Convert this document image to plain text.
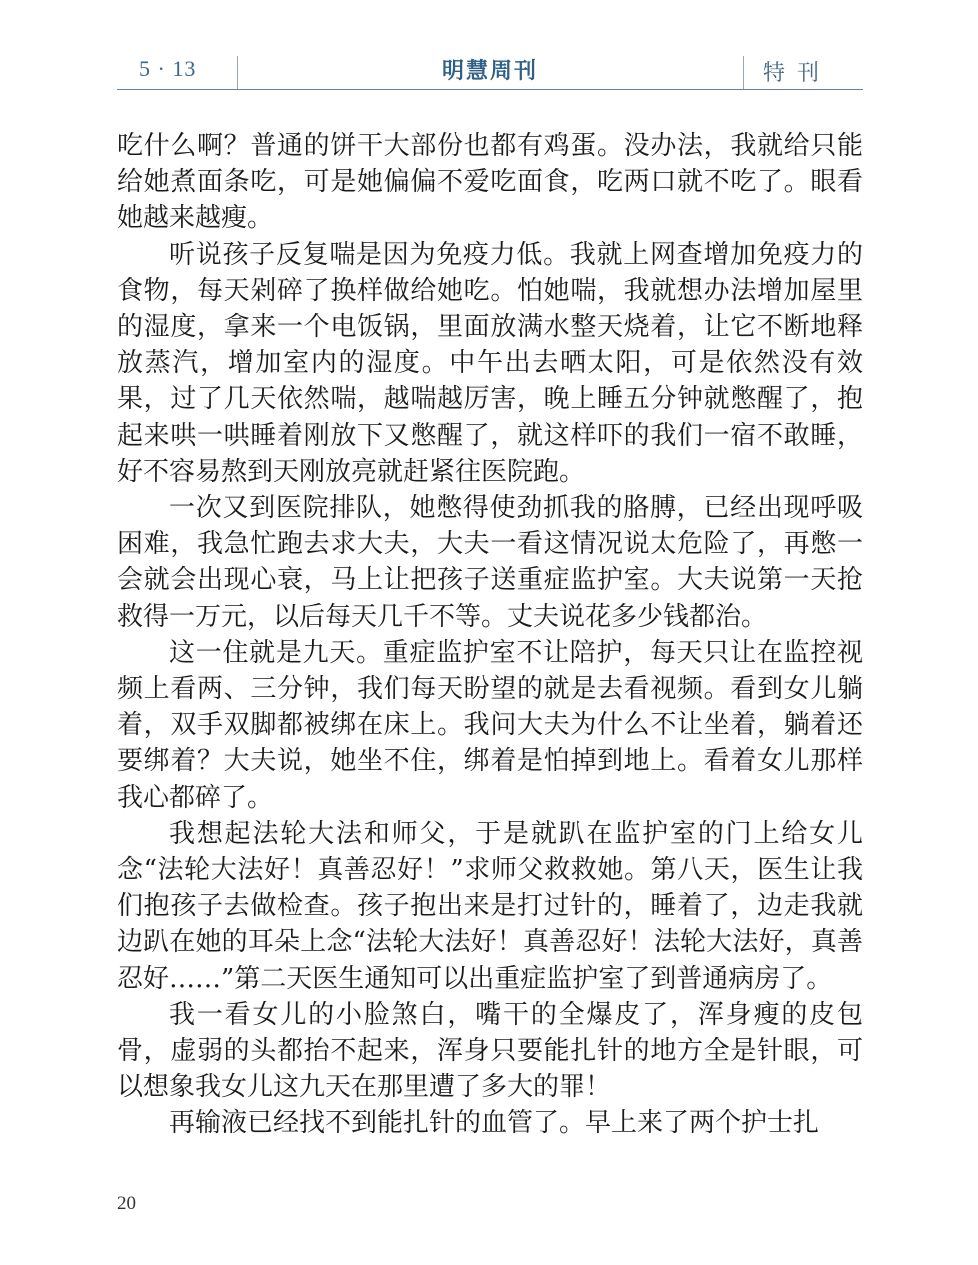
5 · 13	明慧周刊	特刊

吃什么啊？普通的饼干大部份也都有鸡蛋。没办法，我就给只能给她煮面条吃，可是她偏偏不爱吃面食，吃两口就不吃了。眼看她越来越瘦。

听说孩子反复喘是因为免疫力低。我就上网查增加免疫力的食物，每天剁碎了换样做给她吃。怕她喘，我就想办法增加屋里的湿度，拿来一个电饭锅，里面放满水整天烧着，让它不断地释放蒸汽，增加室内的湿度。中午出去晒太阳，可是依然没有效果，过了几天依然喘，越喘越厉害，晚上睡五分钟就憋醒了，抱起来哄一哄睡着刚放下又憋醒了，就这样吓的我们一宿不敢睡，好不容易熬到天刚放亮就赶紧往医院跑。

一次又到医院排队，她憋得使劲抓我的胳膊，已经出现呼吸困难，我急忙跑去求大夫，大夫一看这情况说太危险了，再憋一会就会出现心衰，马上让把孩子送重症监护室。大夫说第一天抢救得一万元，以后每天几千不等。丈夫说花多少钱都治。

这一住就是九天。重症监护室不让陪护，每天只让在监控视频上看两、三分钟，我们每天盼望的就是去看视频。看到女儿躺着，双手双脚都被绑在床上。我问大夫为什么不让坐着，躺着还要绑着？大夫说，她坐不住，绑着是怕掉到地上。看着女儿那样我心都碎了。

我想起法轮大法和师父，于是就趴在监护室的门上给女儿念“法轮大法好！真善忍好！”求师父救救她。第八天，医生让我们抱孩子去做检查。孩子抱出来是打过针的，睡着了，边走我就边趴在她的耳朵上念“法轮大法好！真善忍好！法轮大法好，真善忍好……”第二天医生通知可以出重症监护室了到普通病房了。

我一看女儿的小脸煞白，嘴干的全爆皮了，浑身瘦的皮包骨，虚弱的头都抬不起来，浑身只要能扎针的地方全是针眼，可以想象我女儿这九天在那里遭了多大的罪！

再输液已经找不到能扎针的血管了。早上来了两个护士扎

20
